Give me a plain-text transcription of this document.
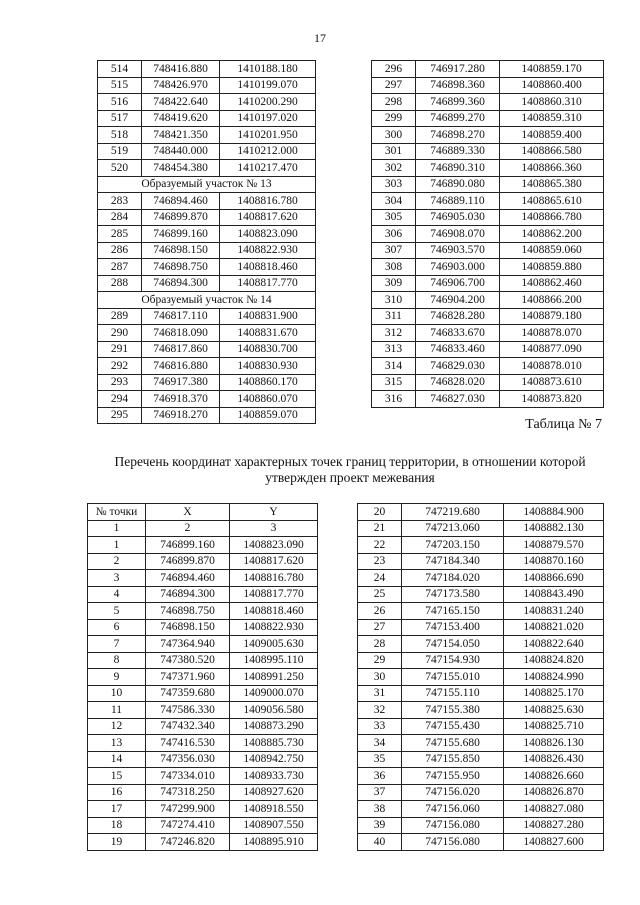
17
514	748416.880	1410188.180
515	748426.970	1410199.070
516	748422.640	1410200.290
517	748419.620	1410197.020
518	748421.350	1410201.950
519	748440.000	1410212.000
520	748454.380	1410217.470
Образуемый участок № 13		
283	746894.460	1408816.780
284	746899.870	1408817.620
285	746899.160	1408823.090
286	746898.150	1408822.930
287	746898.750	1408818.460
288	746894.300	1408817.770
Образуемый участок № 14		
289	746817.110	1408831.900
290	746818.090	1408831.670
291	746817.860	1408830.700
292	746816.880	1408830.930
293	746917.380	1408860.170
294	746918.370	1408860.070
295	746918.270	1408859.070
296	746917.280	1408859.170
297	746898.360	1408860.400
298	746899.360	1408860.310
299	746899.270	1408859.310
300	746898.270	1408859.400
301	746889.330	1408866.580
302	746890.310	1408866.360
303	746890.080	1408865.380
304	746889.110	1408865.610
305	746905.030	1408866.780
306	746908.070	1408862.200
307	746903.570	1408859.060
308	746903.000	1408859.880
309	746906.700	1408862.460
310	746904.200	1408866.200
311	746828.280	1408879.180
312	746833.670	1408878.070
313	746833.460	1408877.090
314	746829.030	1408878.010
315	746828.020	1408873.610
316	746827.030	1408873.820
Таблица № 7
Перечень координат характерных точек границ территории, в отношении которой
утвержден проект межевания
№ точки	X	Y
1	2	3
1	746899.160	1408823.090
2	746899.870	1408817.620
3	746894.460	1408816.780
4	746894.300	1408817.770
5	746898.750	1408818.460
6	746898.150	1408822.930
7	747364.940	1409005.630
8	747380.520	1408995.110
9	747371.960	1408991.250
10	747359.680	1409000.070
11	747586.330	1409056.580
12	747432.340	1408873.290
13	747416.530	1408885.730
14	747356.030	1408942.750
15	747334.010	1408933.730
16	747318.250	1408927.620
17	747299.900	1408918.550
18	747274.410	1408907.550
19	747246.820	1408895.910
20	747219.680	1408884.900
21	747213.060	1408882.130
22	747203.150	1408879.570
23	747184.340	1408870.160
24	747184.020	1408866.690
25	747173.580	1408843.490
26	747165.150	1408831.240
27	747153.400	1408821.020
28	747154.050	1408822.640
29	747154.930	1408824.820
30	747155.010	1408824.990
31	747155.110	1408825.170
32	747155.380	1408825.630
33	747155.430	1408825.710
34	747155.680	1408826.130
35	747155.850	1408826.430
36	747155.950	1408826.660
37	747156.020	1408826.870
38	747156.060	1408827.080
39	747156.080	1408827.280
40	747156.080	1408827.600
